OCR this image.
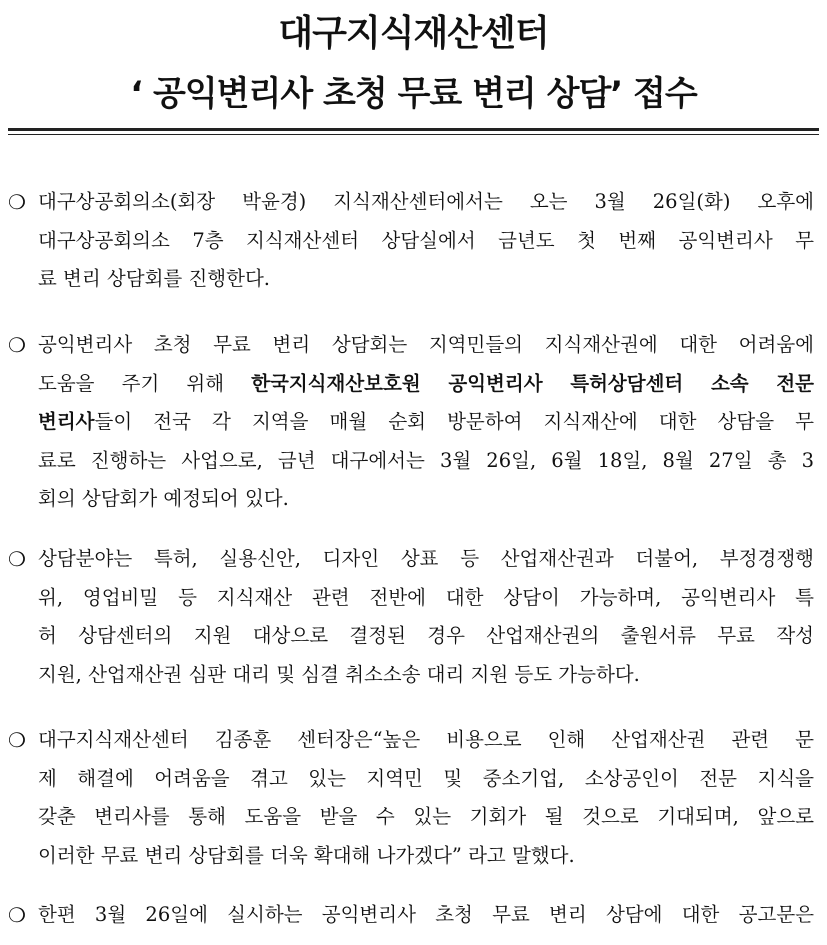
대구지식재산센터
‘ 공익변리사 초청 무료 변리 상담’ 접수
❍ 대구상공회의소(회장 박윤경) 지식재산센터에서는 오는 3월 26일(화) 오후에
대구상공회의소 7층 지식재산센터 상담실에서 금년도 첫 번째 공익변리사 무
료 변리 상담회를 진행한다.
❍ 공익변리사 초청 무료 변리 상담회는 지역민들의 지식재산권에 대한 어려움에
도움을 주기 위해 한국지식재산보호원 공익변리사 특허상담센터 소속 전문
변리사들이 전국 각 지역을 매월 순회 방문하여 지식재산에 대한 상담을 무
료로 진행하는 사업으로, 금년 대구에서는 3월 26일, 6월 18일, 8월 27일 총 3
회의 상담회가 예정되어 있다.
❍ 상담분야는 특허, 실용신안, 디자인 상표 등 산업재산권과 더불어, 부정경쟁행
위, 영업비밀 등 지식재산 관련 전반에 대한 상담이 가능하며, 공익변리사 특
허 상담센터의 지원 대상으로 결정된 경우 산업재산권의 출원서류 무료 작성
지원, 산업재산권 심판 대리 및 심결 취소소송 대리 지원 등도 가능하다.
❍ 대구지식재산센터 김종훈 센터장은“높은 비용으로 인해 산업재산권 관련 문
제 해결에 어려움을 겪고 있는 지역민 및 중소기업, 소상공인이 전문 지식을
갖춘 변리사를 통해 도움을 받을 수 있는 기회가 될 것으로 기대되며, 앞으로
이러한 무료 변리 상담회를 더욱 확대해 나가겠다” 라고 말했다.
❍ 한편 3월 26일에 실시하는 공익변리사 초청 무료 변리 상담에 대한 공고문은
